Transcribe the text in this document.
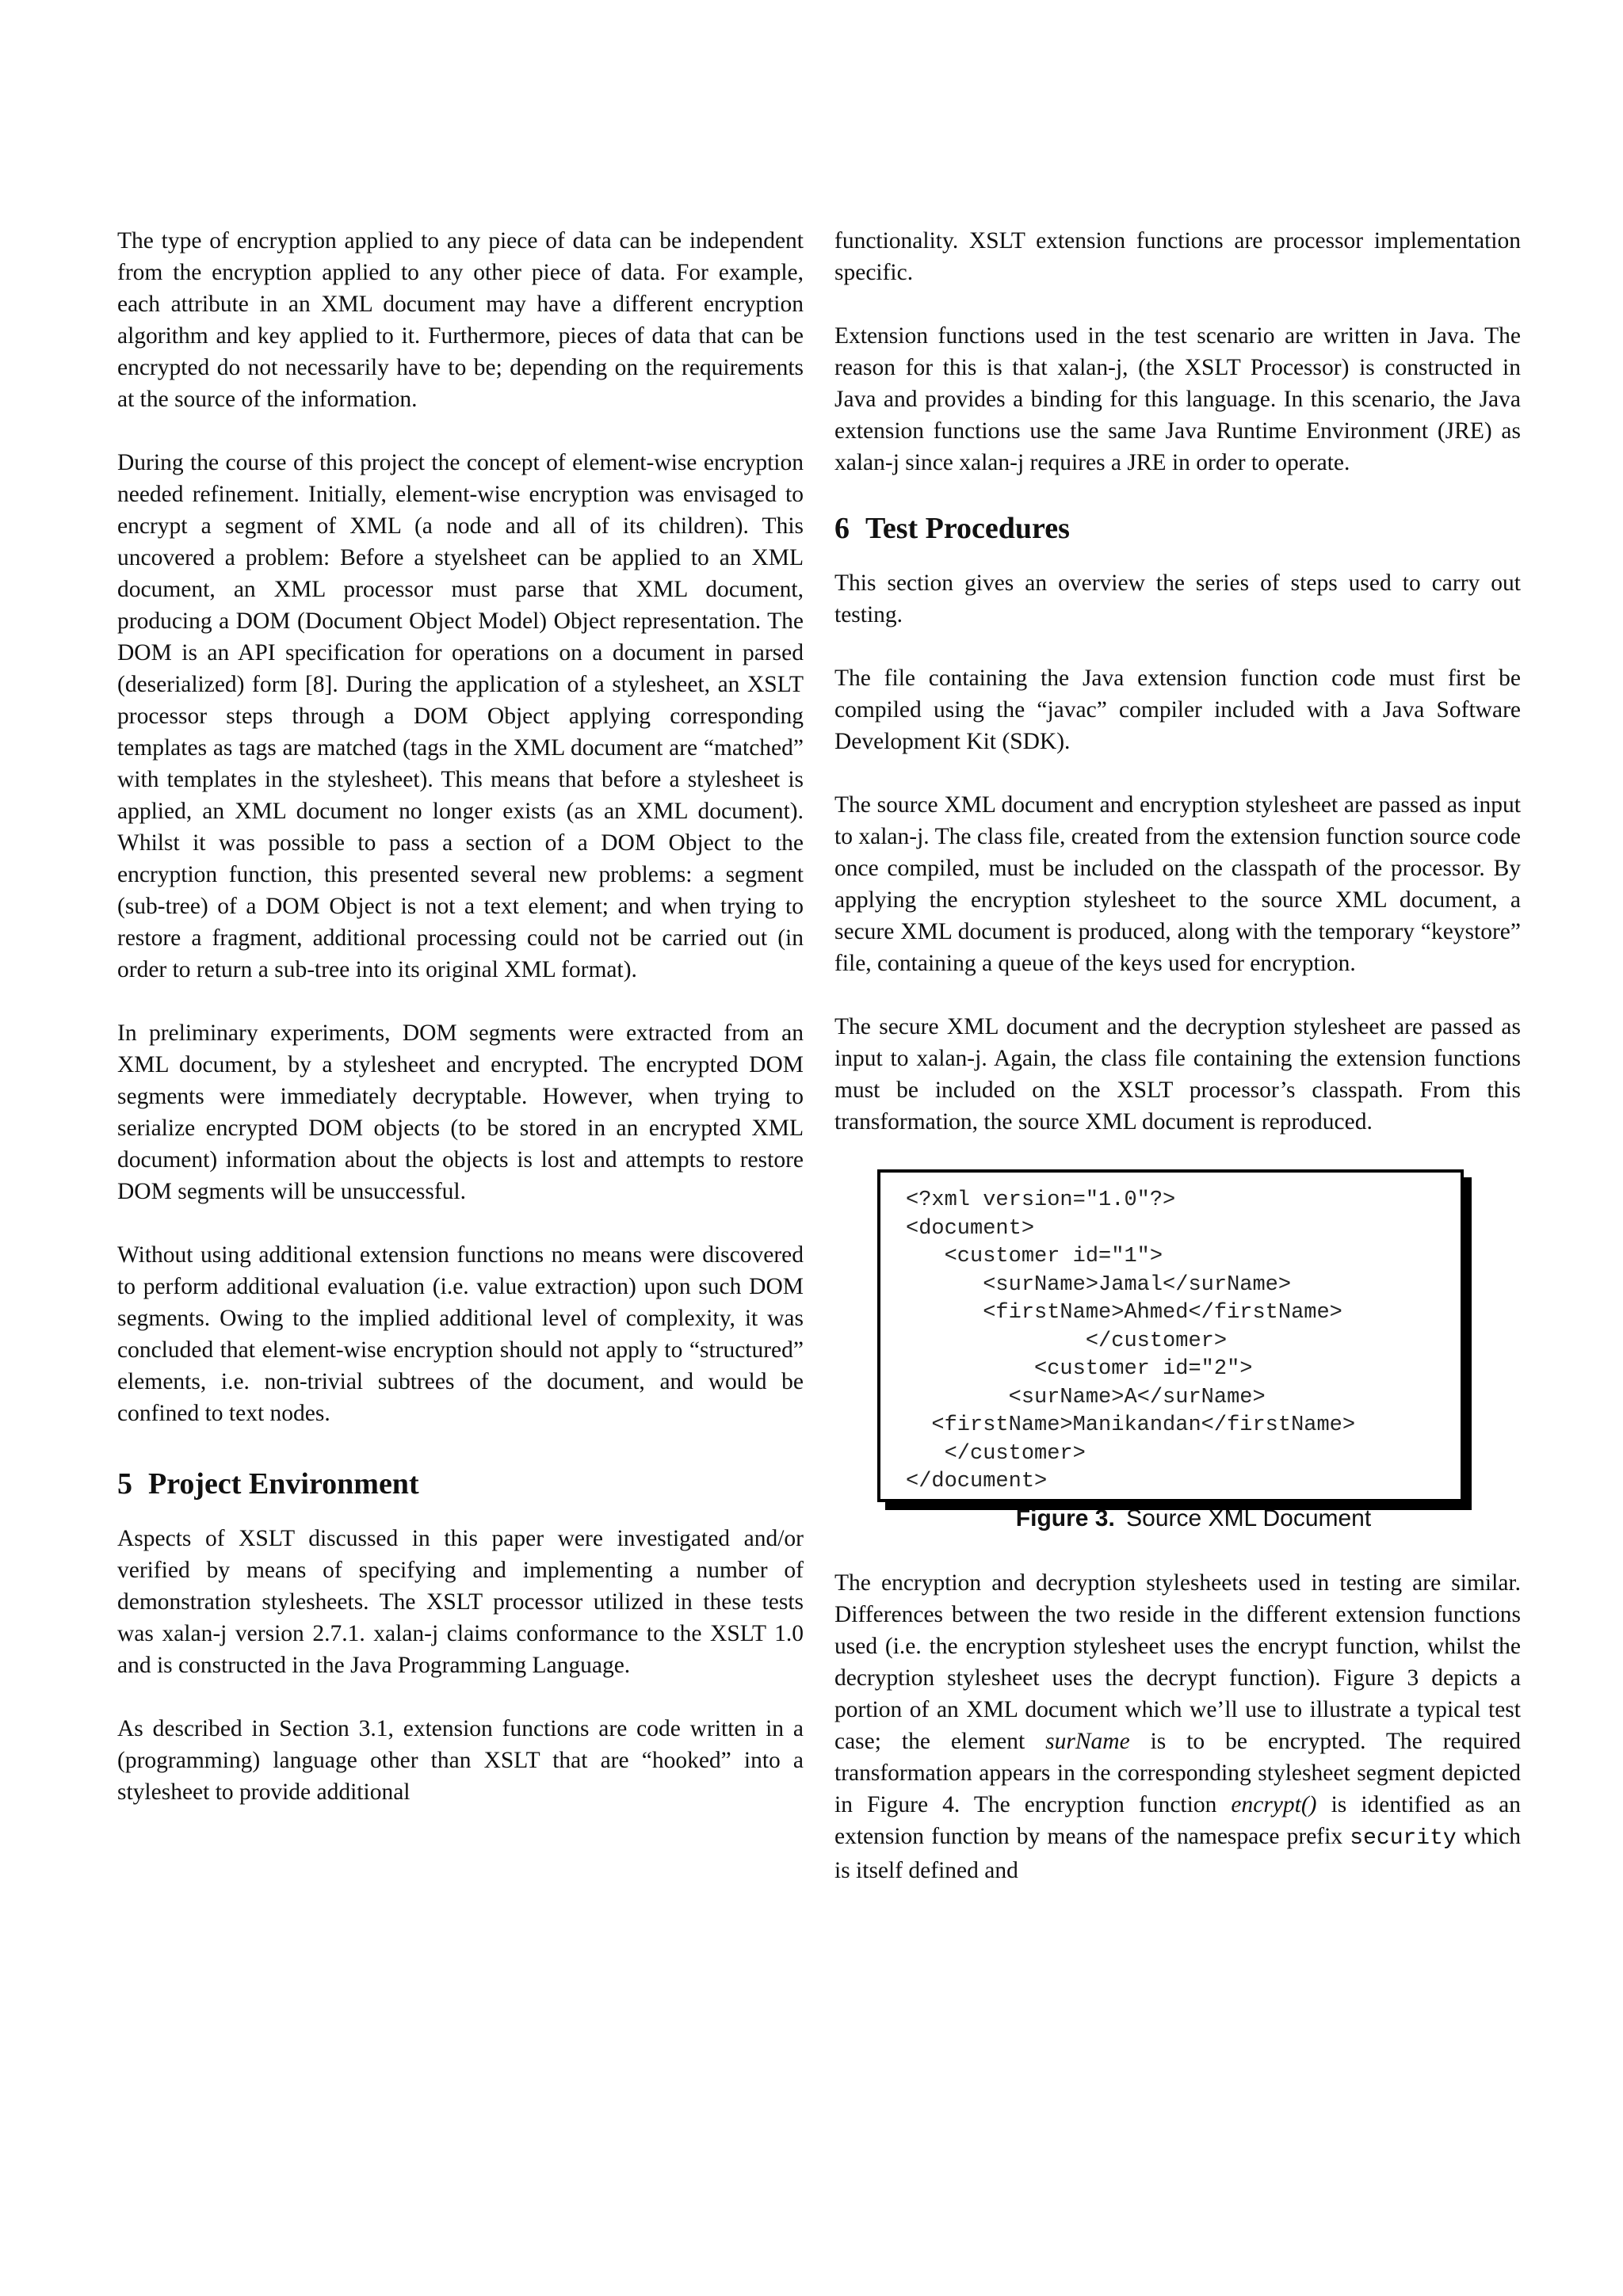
The type of encryption applied to any piece of data can be independent from the encryption applied to any other piece of data. For example, each attribute in an XML document may have a different encryption algorithm and key applied to it. Furthermore, pieces of data that can be encrypted do not necessarily have to be; depending on the requirements at the source of the information.

During the course of this project the concept of element-wise encryption needed refinement. Initially, element-wise encryption was envisaged to encrypt a segment of XML (a node and all of its children). This uncovered a problem: Before a styelsheet can be applied to an XML document, an XML processor must parse that XML document, producing a DOM (Document Object Model) Object representation. The DOM is an API specification for operations on a document in parsed (deserialized) form [8]. During the application of a stylesheet, an XSLT processor steps through a DOM Object applying corresponding templates as tags are matched (tags in the XML document are “matched” with templates in the stylesheet). This means that before a stylesheet is applied, an XML document no longer exists (as an XML document). Whilst it was possible to pass a section of a DOM Object to the encryption function, this presented several new problems: a segment (sub-tree) of a DOM Object is not a text element; and when trying to restore a fragment, additional processing could not be carried out (in order to return a sub-tree into its original XML format).

In preliminary experiments, DOM segments were extracted from an XML document, by a stylesheet and encrypted. The encrypted DOM segments were immediately decryptable. However, when trying to serialize encrypted DOM objects (to be stored in an encrypted XML document) information about the objects is lost and attempts to restore DOM segments will be unsuccessful.

Without using additional extension functions no means were discovered to perform additional evaluation (i.e. value extraction) upon such DOM segments. Owing to the implied additional level of complexity, it was concluded that element-wise encryption should not apply to “structured” elements, i.e. non-trivial subtrees of the document, and would be confined to text nodes.

5 Project Environment

Aspects of XSLT discussed in this paper were investigated and/or verified by means of specifying and implementing a number of demonstration stylesheets. The XSLT processor utilized in these tests was xalan-j version 2.7.1. xalan-j claims conformance to the XSLT 1.0 and is constructed in the Java Programming Language.

As described in Section 3.1, extension functions are code written in a (programming) language other than XSLT that are “hooked” into a stylesheet to provide additional

functionality. XSLT extension functions are processor implementation specific.

Extension functions used in the test scenario are written in Java. The reason for this is that xalan-j, (the XSLT Processor) is constructed in Java and provides a binding for this language. In this scenario, the Java extension functions use the same Java Runtime Environment (JRE) as xalan-j since xalan-j requires a JRE in order to operate.

6 Test Procedures

This section gives an overview the series of steps used to carry out testing.

The file containing the Java extension function code must first be compiled using the “javac” compiler included with a Java Software Development Kit (SDK).

The source XML document and encryption stylesheet are passed as input to xalan-j. The class file, created from the extension function source code once compiled, must be included on the classpath of the processor. By applying the encryption stylesheet to the source XML document, a secure XML document is produced, along with the temporary “keystore” file, containing a queue of the keys used for encryption.

The secure XML document and the decryption stylesheet are passed as input to xalan-j. Again, the class file containing the extension functions must be included on the XSLT processor’s classpath. From this transformation, the source XML document is reproduced.

<?xml version="1.0"?>
<document>
<customer id="1">
<surName>Jamal</surName>
<firstName>Ahmed</firstName>
</customer>
<customer id="2">
<surName>A</surName>
<firstName>Manikandan</firstName>
</customer>
</document>
Figure 3. Source XML Document

The encryption and decryption stylesheets used in testing are similar. Differences between the two reside in the different extension functions used (i.e. the encryption stylesheet uses the encrypt function, whilst the decryption stylesheet uses the decrypt function). Figure 3 depicts a portion of an XML document which we’ll use to illustrate a typical test case; the element surName is to be encrypted. The required transformation appears in the corresponding stylesheet segment depicted in Figure 4. The encryption function encrypt() is identified as an extension function by means of the namespace prefix security which is itself defined and
